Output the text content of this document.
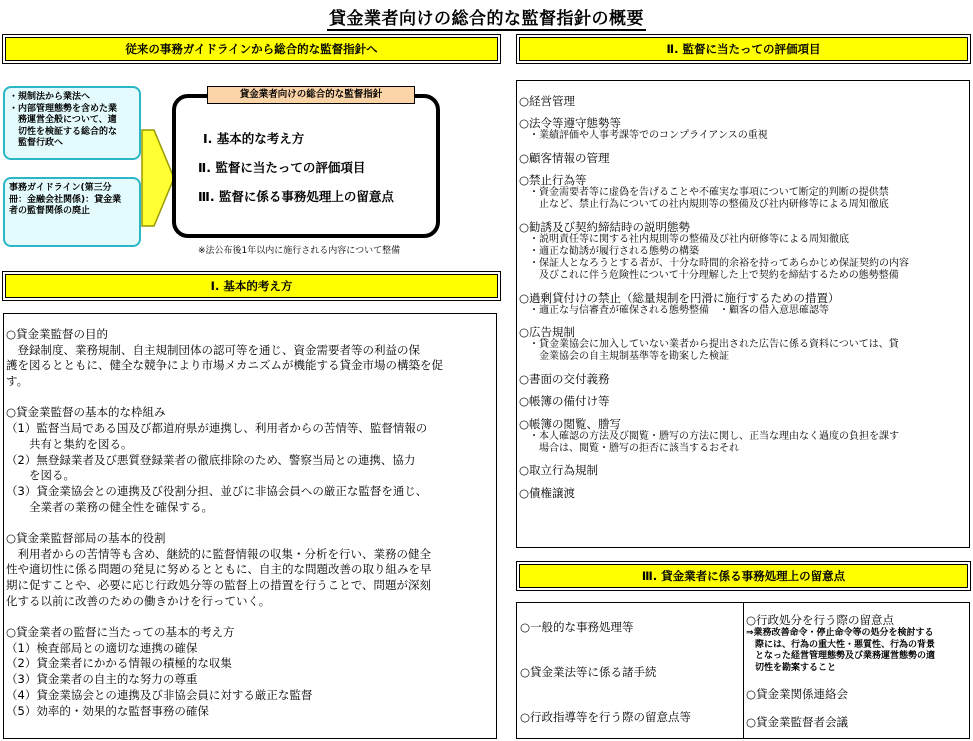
貸金業者向けの総合的な監督指針の概要
従来の事務ガイドラインから総合的な監督指針へ
・規制法から業法へ
・内部管理態勢を含めた業
　務運営全般について、適
　切性を検証する総合的な
　監督行政へ
事務ガイドライン(第三分
冊：金融会社関係)：貸金業
者の監督関係の廃止
貸金業者向けの総合的な監督指針
Ⅰ. 基本的な考え方
Ⅱ. 監督に当たっての評価項目
Ⅲ. 監督に係る事務処理上の留意点
※法公布後1年以内に施行される内容について整備
Ⅰ. 基本的考え方
○貸金業監督の目的
　登録制度、業務規制、自主規制団体の認可等を通じ、資金需要者等の利益の保
護を図るとともに、健全な競争により市場メカニズムが機能する貸金市場の構築を促
す。
○貸金業監督の基本的な枠組み
（1）監督当局である国及び都道府県が連携し、利用者からの苦情等、監督情報の
　　共有と集約を図る。
（2）無登録業者及び悪質登録業者の徹底排除のため、警察当局との連携、協力
　　を図る。
（3）貸金業協会との連携及び役割分担、並びに非協会員への厳正な監督を通じ、
　　全業者の業務の健全性を確保する。
○貸金業監督部局の基本的役割
　利用者からの苦情等も含め、継続的に監督情報の収集・分析を行い、業務の健全
性や適切性に係る問題の発見に努めるとともに、自主的な問題改善の取り組みを早
期に促すことや、必要に応じ行政処分等の監督上の措置を行うことで、問題が深刻
化する以前に改善のための働きかけを行っていく。
○貸金業者の監督に当たっての基本的考え方
（1）検査部局との適切な連携の確保
（2）貸金業者にかかる情報の積極的な収集
（3）貸金業者の自主的な努力の尊重
（4）貸金業協会との連携及び非協会員に対する厳正な監督
（5）効率的・効果的な監督事務の確保
Ⅱ. 監督に当たっての評価項目
○経営管理
○法令等遵守態勢等
　・業績評価や人事考課等でのコンプライアンスの重視
○顧客情報の管理
○禁止行為等
　・資金需要者等に虚偽を告げることや不確実な事項について断定的判断の提供禁
　　止など、禁止行為についての社内規則等の整備及び社内研修等による周知徹底
○勧誘及び契約締結時の説明態勢
　・説明責任等に関する社内規則等の整備及び社内研修等による周知徹底
　・適正な勧誘が履行される態勢の構築
　・保証人となろうとする者が、十分な時間的余裕を持ってあらかじめ保証契約の内容
　　及びこれに伴う危険性について十分理解した上で契約を締結するための態勢整備
○過剰貸付けの禁止（総量規制を円滑に施行するための措置）
　・適正な与信審査が確保される態勢整備　・顧客の借入意思確認等
○広告規制
　・貸金業協会に加入していない業者から提出された広告に係る資料については、貸
　　金業協会の自主規制基準等を勘案した検証
○書面の交付義務
○帳簿の備付け等
○帳簿の閲覧、謄写
　・本人確認の方法及び閲覧・謄写の方法に関し、正当な理由なく過度の負担を課す
　　場合は、閲覧・謄写の拒否に該当するおそれ
○取立行為規制
○債権譲渡
Ⅲ. 貸金業者に係る事務処理上の留意点
○一般的な事務処理等
○貸金業法等に係る諸手続
○行政指導等を行う際の留意点等
○行政処分を行う際の留意点
⇒業務改善命令・停止命令等の処分を検討する
　際には、行為の重大性・悪質性、行為の背景
　となった経営管理態勢及び業務運営態勢の適
　切性を勘案すること
○貸金業関係連絡会
○貸金業監督者会議
